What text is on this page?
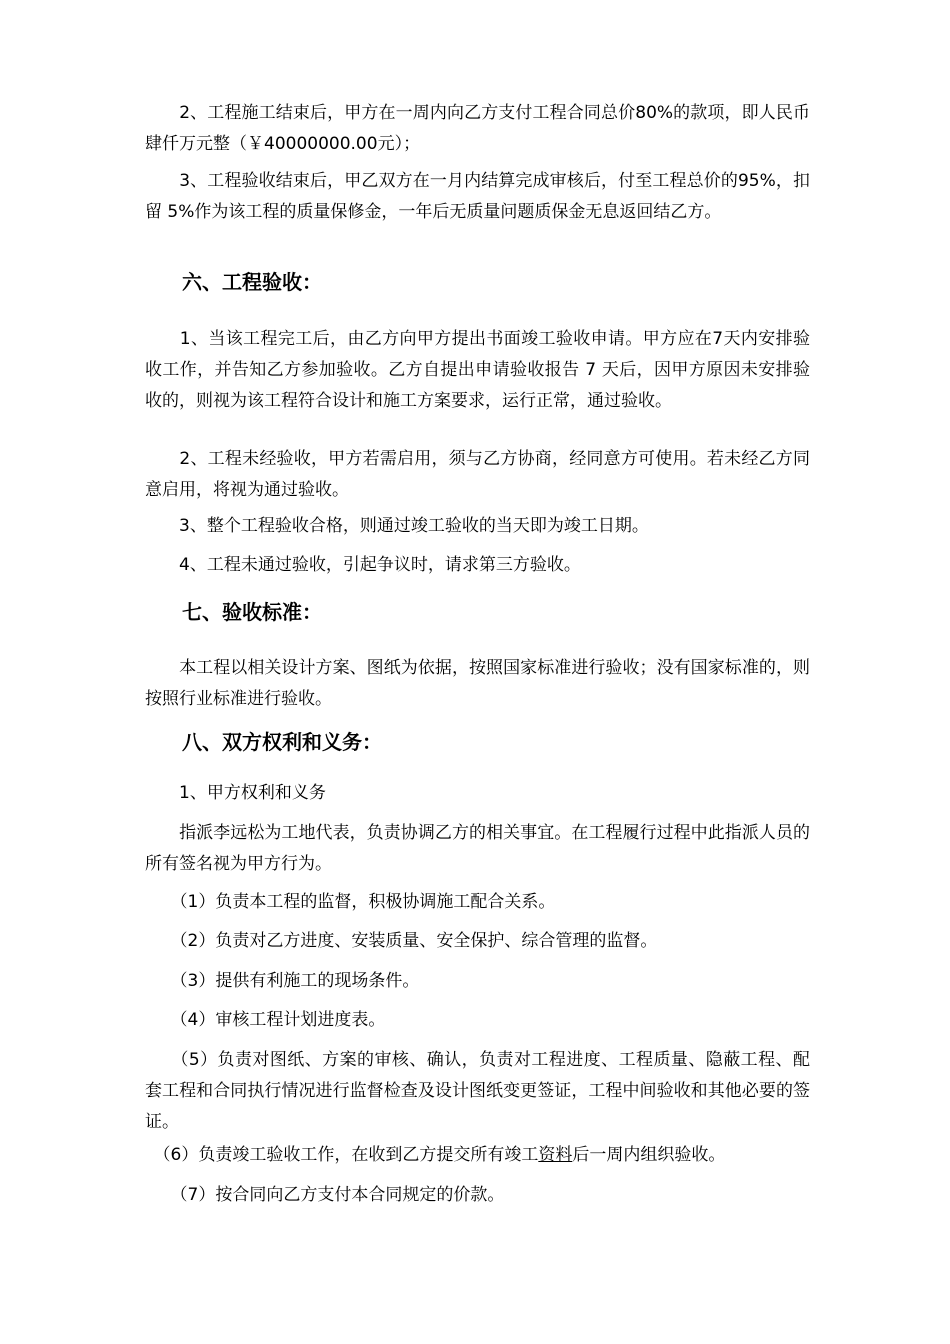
　　2、工程施工结束后，甲方在一周内向乙方支付工程合同总价80%的款项，即人民币肆仟万元整（￥40000000.00元）；

　　3、工程验收结束后，甲乙双方在一月内结算完成审核后，付至工程总价的95%，扣留 5%作为该工程的质量保修金，一年后无质量问题质保金无息返回结乙方。

六、工程验收：

　　1、当该工程完工后，由乙方向甲方提出书面竣工验收申请。甲方应在7天内安排验收工作，并告知乙方参加验收。乙方自提出申请验收报告 7 天后，因甲方原因未安排验收的，则视为该工程符合设计和施工方案要求，运行正常，通过验收。

　　2、工程未经验收，甲方若需启用，须与乙方协商，经同意方可使用。若未经乙方同意启用，将视为通过验收。

　　3、整个工程验收合格，则通过竣工验收的当天即为竣工日期。

　　4、工程未通过验收，引起争议时，请求第三方验收。

七、验收标准：

　　本工程以相关设计方案、图纸为依据，按照国家标准进行验收；没有国家标准的，则按照行业标准进行验收。

八、双方权利和义务：

　　1、甲方权利和义务

　　指派李远松为工地代表，负责协调乙方的相关事宜。在工程履行过程中此指派人员的所有签名视为甲方行为。

　　（1）负责本工程的监督，积极协调施工配合关系。

　　（2）负责对乙方进度、安装质量、安全保护、综合管理的监督。

　　（3）提供有利施工的现场条件。

　　（4）审核工程计划进度表。

　　（5）负责对图纸、方案的审核、确认，负责对工程进度、工程质量、隐蔽工程、配套工程和合同执行情况进行监督检查及设计图纸变更签证，工程中间验收和其他必要的签证。

　（6）负责竣工验收工作，在收到乙方提交所有竣工资料后一周内组织验收。

　　（7）按合同向乙方支付本合同规定的价款。
